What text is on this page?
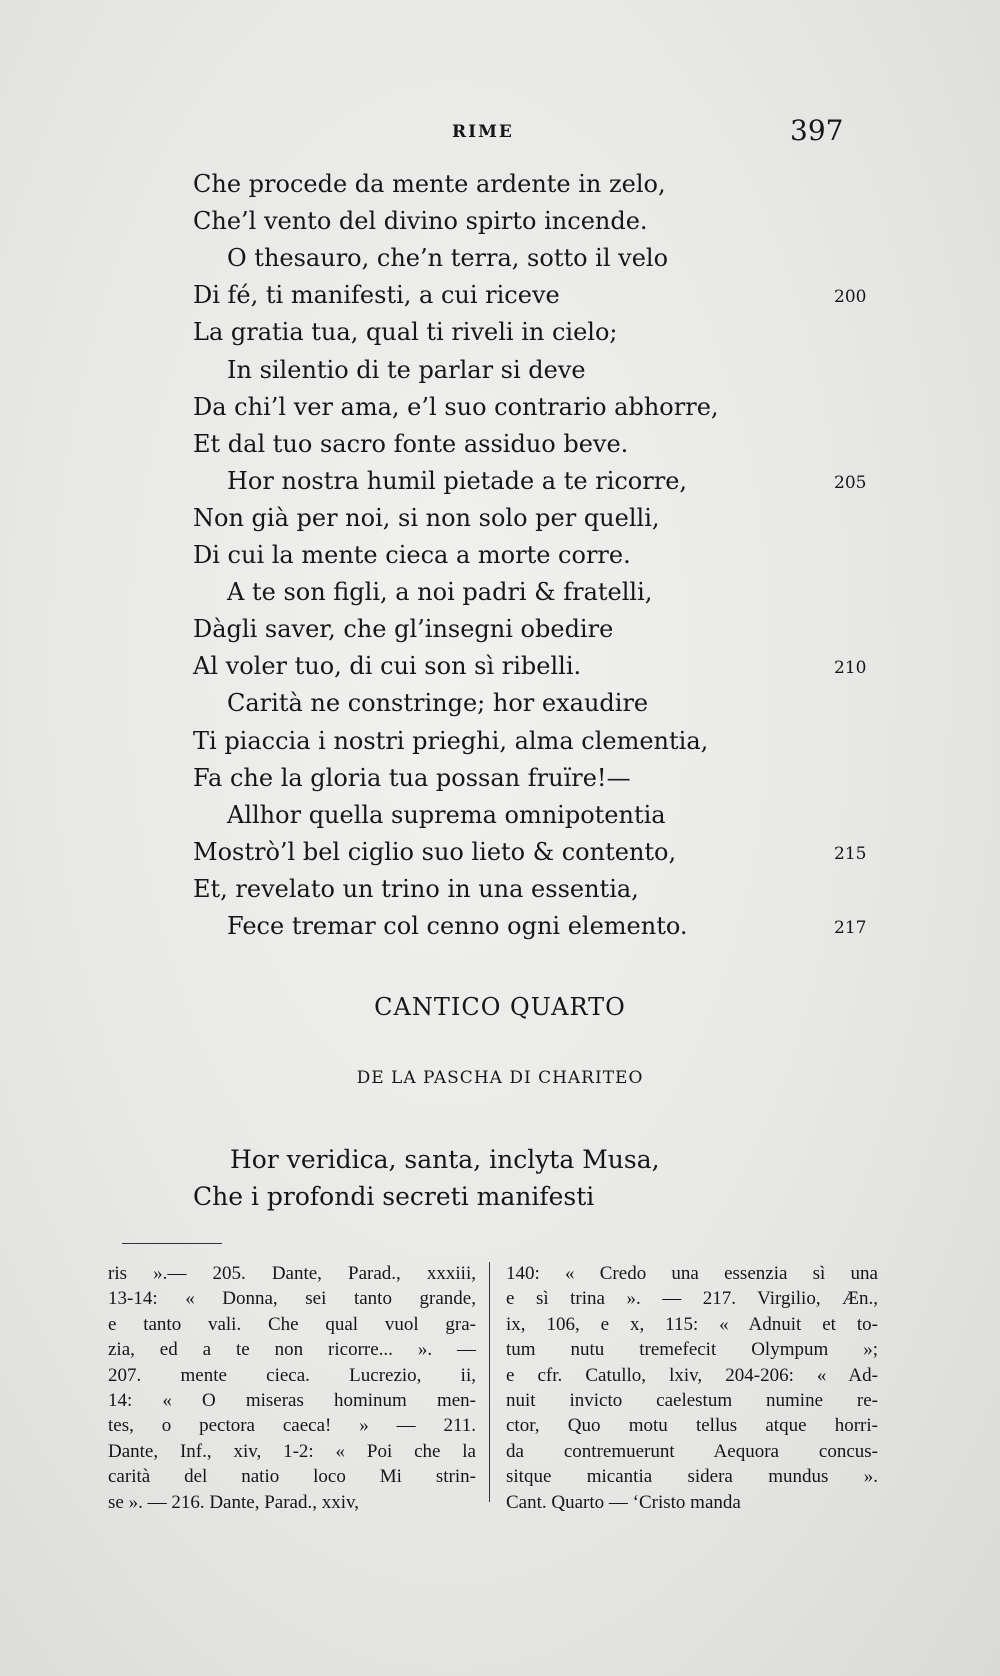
RIME	397
Che procede da mente ardente in zelo,
Che’l vento del divino spirto incende.
O thesauro, che’n terra, sotto il velo
Di fé, ti manifesti, a cui riceve	200
La gratia tua, qual ti riveli in cielo;
In silentio di te parlar si deve
Da chi’l ver ama, e’l suo contrario abhorre,
Et dal tuo sacro fonte assiduo beve.
Hor nostra humil pietade a te ricorre,	205
Non già per noi, si non solo per quelli,
Di cui la mente cieca a morte corre.
A te son figli, a noi padri & fratelli,
Dàgli saver, che gl’insegni obedire
Al voler tuo, di cui son sì ribelli.	210
Carità ne constringe; hor exaudire
Ti piaccia i nostri prieghi, alma clementia,
Fa che la gloria tua possan fruïre!—
Allhor quella suprema omnipotentia
Mostrò’l bel ciglio suo lieto & contento,	215
Et, revelato un trino in una essentia,
Fece tremar col cenno ogni elemento.	217
CANTICO QUARTO
DE LA PASCHA DI CHARITEO
Hor veridica, santa, inclyta Musa,
Che i profondi secreti manifesti
ris ».— 205. Dante, Parad., xxxiii,
13-14: « Donna, sei tanto grande,
e tanto vali. Che qual vuol gra-
zia, ed a te non ricorre... ». —
207. mente cieca. Lucrezio, ii,
14: « O miseras hominum men-
tes, o pectora caeca! » — 211.
Dante, Inf., xiv, 1-2: « Poi che la
carità del natio loco Mi strin-
se ». — 216. Dante, Parad., xxiv,
140: « Credo una essenzia sì una
e sì trina ». — 217. Virgilio, Æn.,
ix, 106, e x, 115: « Adnuit et to-
tum nutu tremefecit Olympum »;
e cfr. Catullo, lxiv, 204-206: « Ad-
nuit invicto caelestum numine re-
ctor, Quo motu tellus atque horri-
da contremuerunt Aequora concus-
sitque micantia sidera mundus ».
Cant. Quarto — ‘Cristo manda
